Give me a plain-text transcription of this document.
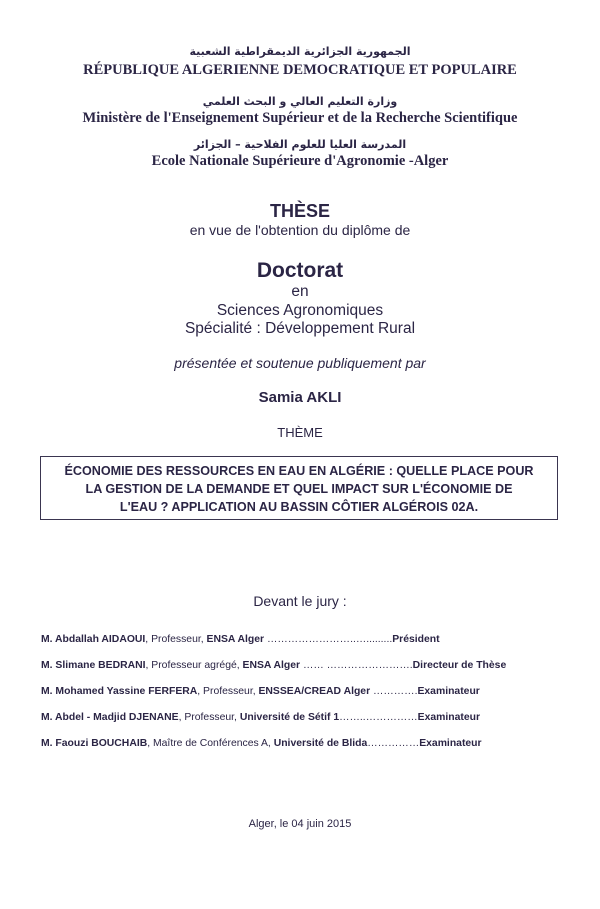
الجمهورية الجزائرية الديمقراطية الشعبية
RÉPUBLIQUE ALGERIENNE DEMOCRATIQUE ET POPULAIRE
وزارة التعليم العالي و البحث العلمي
Ministère de l'Enseignement Supérieur et de la Recherche Scientifique
المدرسة العليا للعلوم الفلاحية – الجزائر
Ecole Nationale Supérieure d'Agronomie -Alger
THÈSE
en vue de l'obtention du diplôme de
Doctorat
en
Sciences Agronomiques
Spécialité : Développement Rural
présentée et soutenue publiquement par
Samia AKLI
THÈME
ÉCONOMIE DES RESSOURCES EN EAU EN ALGÉRIE : QUELLE PLACE POUR
LA GESTION DE LA DEMANDE ET QUEL IMPACT SUR L'ÉCONOMIE DE
L'EAU ? APPLICATION AU BASSIN CÔTIER ALGÉROIS 02A.
Devant le jury :
M. Abdallah AIDAOUI, Professeur, ENSA Alger ……………………..….........Président
M. Slimane BEDRANI, Professeur agrégé, ENSA Alger …… …………………….Directeur de Thèse
M. Mohamed Yassine FERFERA, Professeur, ENSSEA/CREAD Alger ………….Examinateur
M. Abdel - Madjid DJENANE, Professeur, Université de Sétif 1……..……………Examinateur
M. Faouzi BOUCHAIB, Maître de Conférences A, Université de Blida……………Examinateur
Alger, le 04 juin 2015
